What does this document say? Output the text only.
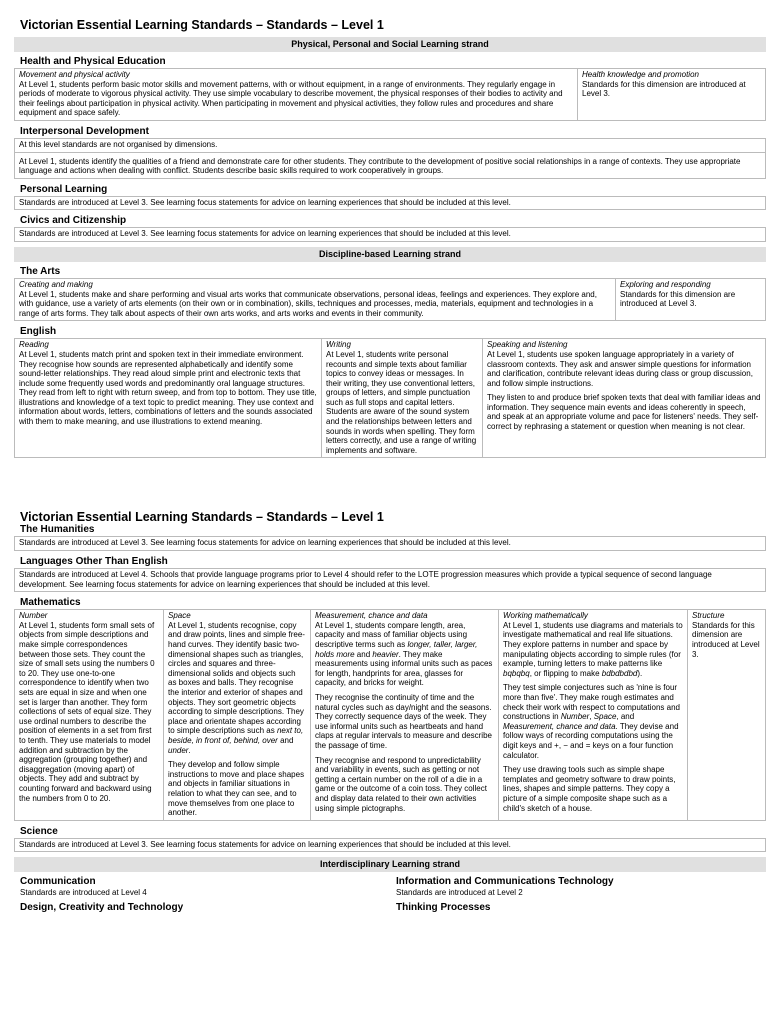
Victorian Essential Learning Standards – Standards – Level 1
Physical, Personal and Social Learning strand
Health and Physical Education
Movement and physical activity

At Level 1, students perform basic motor skills and movement patterns, with or without equipment, in a range of environments. They regularly engage in periods of moderate to vigorous physical activity. They use simple vocabulary to describe movement, the physical responses of their bodies to activity and their feelings about participation in physical activity. When participating in movement and physical activities, they follow rules and procedures and share equipment and space safely.

Health knowledge and promotion

Standards for this dimension are introduced at Level 3.

Interpersonal Development
At this level standards are not organised by dimensions.
At Level 1, students identify the qualities of a friend and demonstrate care for other students. They contribute to the development of positive social relationships in a range of contexts. They use appropriate language and actions when dealing with conflict. Students describe basic skills required to work cooperatively in groups.
Personal Learning
Standards are introduced at Level 3. See learning focus statements for advice on learning experiences that should be included at this level.
Civics and Citizenship
Standards are introduced at Level 3. See learning focus statements for advice on learning experiences that should be included at this level.
Discipline-based Learning strand
The Arts
Creating and making

At Level 1, students make and share performing and visual arts works that communicate observations, personal ideas, feelings and experiences. They explore and, with guidance, use a variety of arts elements (on their own or in combination), skills, techniques and processes, media, materials, equipment and technologies in a range of arts forms. They talk about aspects of their own arts works, and arts works and events in their community.

Exploring and responding

Standards for this dimension are introduced at Level 3.

English
Reading

At Level 1, students match print and spoken text in their immediate environment. They recognise how sounds are represented alphabetically and identify some sound-letter relationships. They read aloud simple print and electronic texts that include some frequently used words and predominantly oral language structures. They read from left to right with return sweep, and from top to bottom. They use title, illustrations and knowledge of a text topic to predict meaning. They use context and information about words, letters, combinations of letters and the sounds associated with them to make meaning, and use illustrations to extend meaning.

Writing

At Level 1, students write personal recounts and simple texts about familiar topics to convey ideas or messages. In their writing, they use conventional letters, groups of letters, and simple punctuation such as full stops and capital letters. Students are aware of the sound system and the relationships between letters and sounds in words when spelling. They form letters correctly, and use a range of writing implements and software.

Speaking and listening

At Level 1, students use spoken language appropriately in a variety of classroom contexts. They ask and answer simple questions for information and clarification, contribute relevant ideas during class or group discussion, and follow simple instructions.

They listen to and produce brief spoken texts that deal with familiar ideas and information. They sequence main events and ideas coherently in speech, and speak at an appropriate volume and pace for listeners' needs. They self-correct by rephrasing a statement or question when meaning is not clear.

Victorian Essential Learning Standards – Standards – Level 1
The Humanities
Standards are introduced at Level 3. See learning focus statements for advice on learning experiences that should be included at this level.
Languages Other Than English
Standards are introduced at Level 4. Schools that provide language programs prior to Level 4 should refer to the LOTE progression measures which provide a typical sequence of second language development. See learning focus statements for advice on learning experiences that should be included at this level.
Mathematics
Number

At Level 1, students form small sets of objects from simple descriptions and make simple correspondences between those sets. They count the size of small sets using the numbers 0 to 20. They use one-to-one correspondence to identify when two sets are equal in size and when one set is larger than another. They form collections of sets of equal size. They use ordinal numbers to describe the position of elements in a set from first to tenth. They use materials to model addition and subtraction by the aggregation (grouping together) and disaggregation (moving apart) of objects. They add and subtract by counting forward and backward using the numbers from 0 to 20.

Space

At Level 1, students recognise, copy and draw points, lines and simple free-hand curves. They identify basic two-dimensional shapes such as triangles, circles and squares and three-dimensional solids and objects such as boxes and balls. They recognise the interior and exterior of shapes and objects. They sort geometric objects according to simple descriptions. They place and orientate shapes according to simple descriptions such as next to, beside, in front of, behind, over and under.

They develop and follow simple instructions to move and place shapes and objects in familiar situations in relation to what they can see, and to move themselves from one place to another.

Measurement, chance and data

At Level 1, students compare length, area, capacity and mass of familiar objects using descriptive terms such as longer, taller, larger, holds more and heavier. They make measurements using informal units such as paces for length, handprints for area, glasses for capacity, and bricks for weight.

They recognise the continuity of time and the natural cycles such as day/night and the seasons. They correctly sequence days of the week. They use informal units such as heartbeats and hand claps at regular intervals to measure and describe the passage of time.

They recognise and respond to unpredictability and variability in events, such as getting or not getting a certain number on the roll of a die in a game or the outcome of a coin toss. They collect and display data related to their own activities using simple pictographs.

Working mathematically

At Level 1, students use diagrams and materials to investigate mathematical and real life situations. They explore patterns in number and space by manipulating objects according to simple rules (for example, turning letters to make patterns like bqbqbq, or flipping to make bdbdbdbd).

They test simple conjectures such as 'nine is four more than five'. They make rough estimates and check their work with respect to computations and constructions in Number, Space, and Measurement, chance and data. They devise and follow ways of recording computations using the digit keys and +, − and = keys on a four function calculator.

They use drawing tools such as simple shape templates and geometry software to draw points, lines, shapes and simple patterns. They copy a picture of a simple composite shape such as a child's sketch of a house.

Structure

Standards for this dimension are introduced at Level 3.

Science
Standards are introduced at Level 3. See learning focus statements for advice on learning experiences that should be included at this level.
Interdisciplinary Learning strand
Communication
Standards are introduced at Level 4
Design, Creativity and Technology
Information and Communications Technology
Standards are introduced at Level 2
Thinking Processes
